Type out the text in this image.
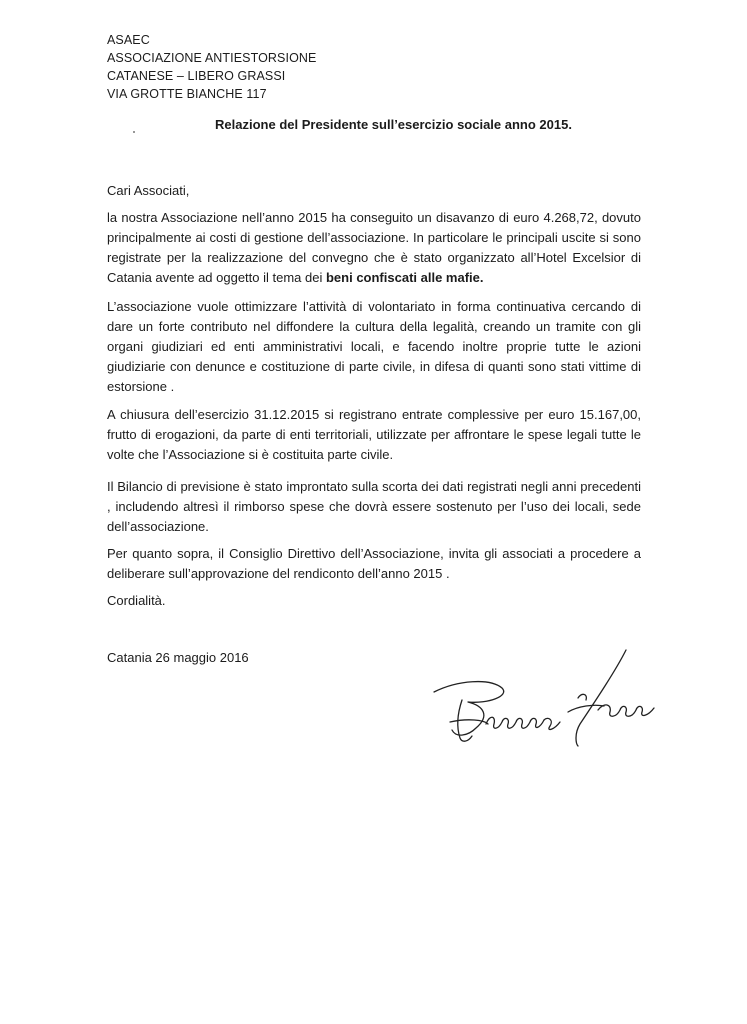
ASAEC
ASSOCIAZIONE ANTIESTORSIONE
CATANESE – LIBERO GRASSI
VIA GROTTE BIANCHE 117
Relazione del Presidente sull’esercizio sociale anno 2015.
Cari Associati,
la nostra Associazione nell’anno 2015 ha conseguito un disavanzo di euro 4.268,72, dovuto principalmente ai costi di gestione dell’associazione. In particolare le principali uscite si sono registrate per la realizzazione del convegno che è stato organizzato all’Hotel Excelsior di Catania avente ad oggetto il tema dei beni confiscati alle mafie.
L’associazione vuole ottimizzare l’attività di volontariato in forma continuativa cercando di dare un forte contributo nel diffondere la cultura della legalità, creando un tramite con gli organi giudiziari ed enti amministrativi locali, e facendo inoltre proprie tutte le azioni giudiziarie con denunce e costituzione di parte civile, in difesa di quanti sono stati vittime di estorsione .
A chiusura dell’esercizio 31.12.2015 si registrano entrate complessive per euro 15.167,00, frutto di erogazioni, da parte di enti territoriali, utilizzate per affrontare le spese legali tutte le volte che l’Associazione si è costituita parte civile.
Il Bilancio di previsione è stato improntato sulla scorta dei dati registrati negli anni precedenti , includendo altresì il rimborso spese che dovrà essere sostenuto per l’uso dei locali, sede dell’associazione.
Per quanto sopra, il Consiglio Direttivo dell’Associazione, invita gli associati a procedere a deliberare sull’approvazione del rendiconto dell’anno 2015 .
Cordialità.
Catania 26 maggio 2016
